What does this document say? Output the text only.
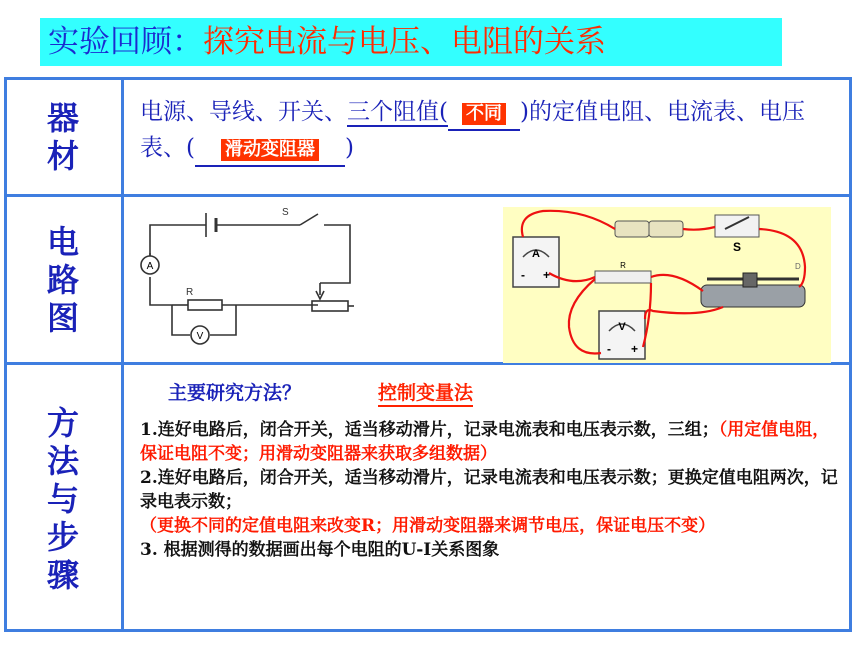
实验回顾：探究电流与电压、电阻的关系
器
材
电源、导线、开关、三个阻值( 不同 )的定值电阻、电流表、电压表、( 滑动变阻器 )
电
路
图
A
V
S
R
A
- +
S
R	D
V
- +
方
法
与
步
骤
主要研究方法？	控制变量法

1.连好电路后，闭合开关，适当移动滑片，记录电流表和电压表示数，三组；（用定值电阻，保证电阻不变；用滑动变阻器来获取多组数据）

2.连好电路后，闭合开关，适当移动滑片，记录电流表和电压表示数；更换定值电阻两次，记录电表示数；

（更换不同的定值电阻来改变R；用滑动变阻器来调节电压，保证电压不变）

3. 根据测得的数据画出每个电阻的U-I关系图象
